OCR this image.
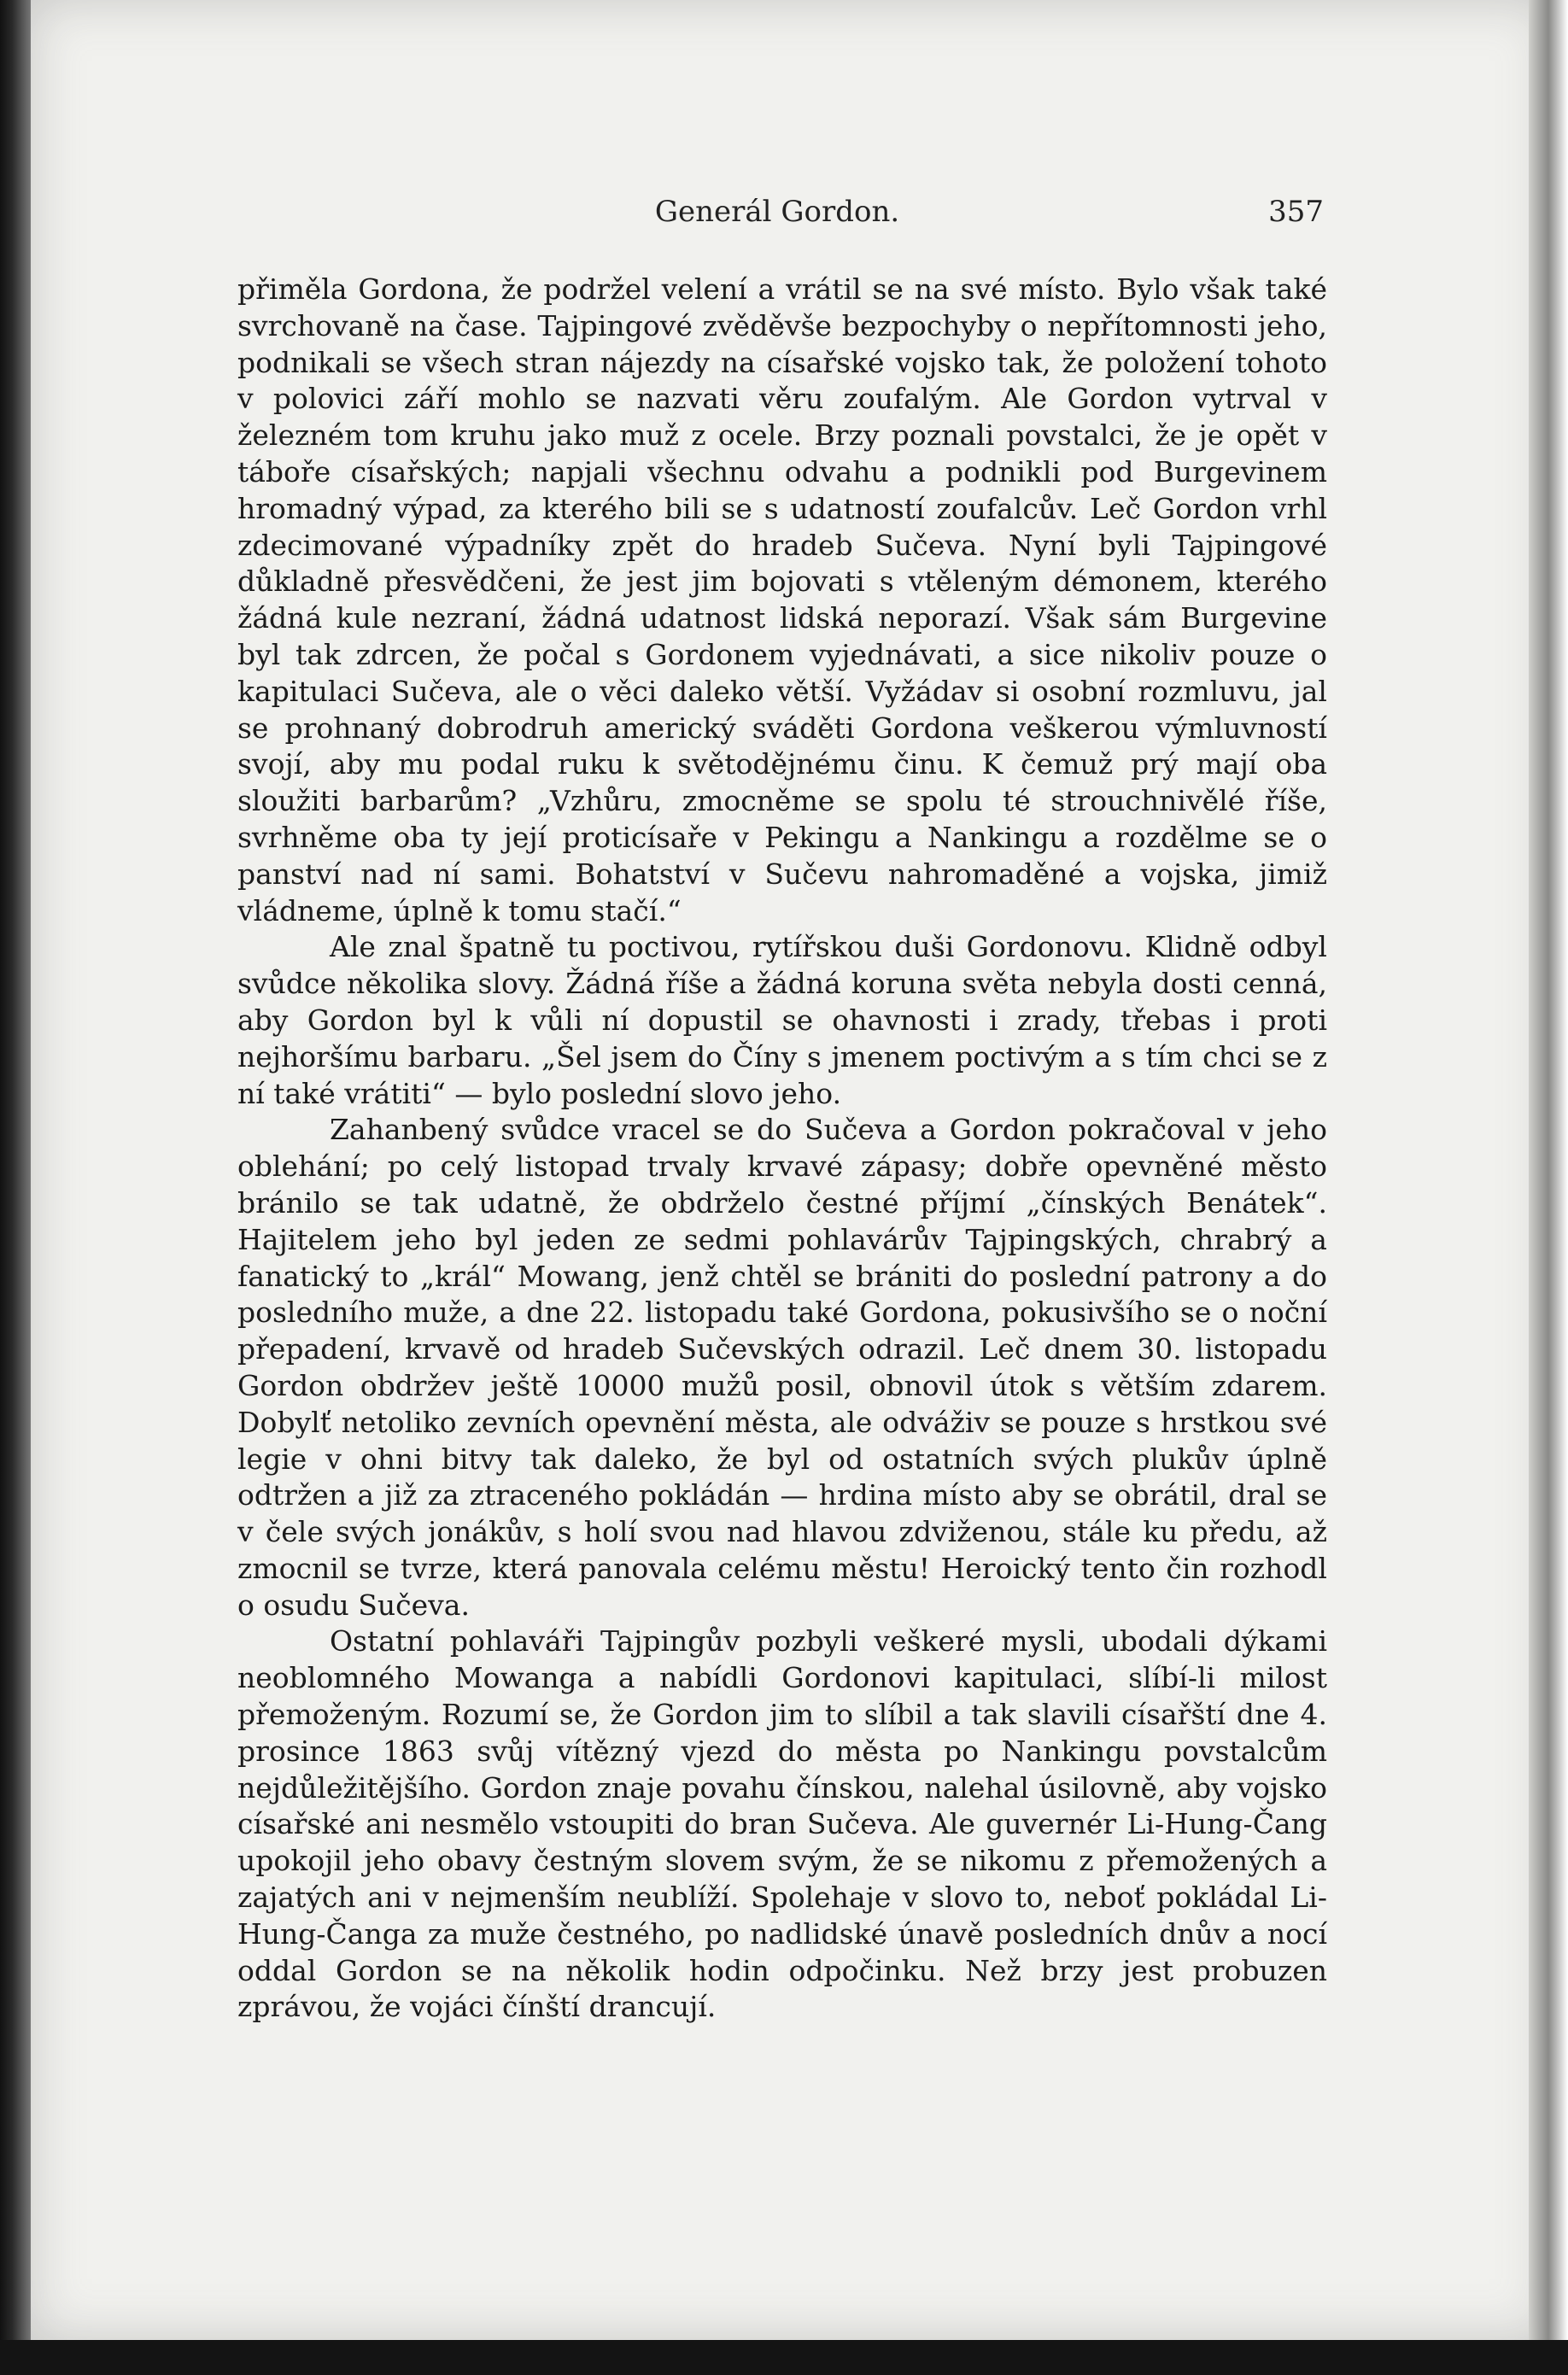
Generál Gordon.	357

přiměla Gordona, že podržel velení a vrátil se na své místo. Bylo však také svrchovaně na čase. Tajpingové zvěděvše bezpochyby o nepřítomnosti jeho, podnikali se všech stran nájezdy na císařské vojsko tak, že položení tohoto v polovici září mohlo se nazvati věru zoufalým. Ale Gordon vytrval v železném tom kruhu jako muž z ocele. Brzy poznali povstalci, že je opět v táboře císařských; napjali všechnu odvahu a podnikli pod Burgevinem hromadný výpad, za kterého bili se s udatností zoufalcův. Leč Gordon vrhl zdecimované výpadníky zpět do hradeb Sučeva. Nyní byli Tajpingové důkladně přesvědčeni, že jest jim bojovati s vtěleným démonem, kterého žádná kule nezraní, žádná udatnost lidská neporazí. Však sám Burgevine byl tak zdrcen, že počal s Gordonem vyjednávati, a sice nikoliv pouze o kapitulaci Sučeva, ale o věci daleko větší. Vyžádav si osobní rozmluvu, jal se prohnaný dobrodruh americký sváděti Gordona veškerou výmluvností svojí, aby mu podal ruku k světodějnému činu. K čemuž prý mají oba sloužiti barbarům? „Vzhůru, zmocněme se spolu té strouchnivělé říše, svrhněme oba ty její proticísaře v Pekingu a Nankingu a rozdělme se o panství nad ní sami. Bohatství v Sučevu nahromaděné a vojska, jimiž vládneme, úplně k tomu stačí.“

Ale znal špatně tu poctivou, rytířskou duši Gordonovu. Klidně odbyl svůdce několika slovy. Žádná říše a žádná koruna světa nebyla dosti cenná, aby Gordon byl k vůli ní dopustil se ohavnosti i zrady, třebas i proti nejhoršímu barbaru. „Šel jsem do Číny s jmenem poctivým a s tím chci se z ní také vrátiti“ — bylo poslední slovo jeho.

Zahanbený svůdce vracel se do Sučeva a Gordon pokračoval v jeho oblehání; po celý listopad trvaly krvavé zápasy; dobře opevněné město bránilo se tak udatně, že obdrželo čestné příjmí „čínských Benátek“. Hajitelem jeho byl jeden ze sedmi pohlavárův Tajpingských, chrabrý a fanatický to „král“ Mowang, jenž chtěl se brániti do poslední patrony a do posledního muže, a dne 22. listopadu také Gordona, pokusivšího se o noční přepadení, krvavě od hradeb Sučevských odrazil. Leč dnem 30. listopadu Gordon obdržev ještě 10000 mužů posil, obnovil útok s větším zdarem. Dobylť netoliko zevních opevnění města, ale odváživ se pouze s hrstkou své legie v ohni bitvy tak daleko, že byl od ostatních svých plukův úplně odtržen a již za ztraceného pokládán — hrdina místo aby se obrátil, dral se v čele svých jonákův, s holí svou nad hlavou zdviženou, stále ku předu, až zmocnil se tvrze, která panovala celému městu! Heroický tento čin rozhodl o osudu Sučeva.

Ostatní pohlaváři Tajpingův pozbyli veškeré mysli, ubodali dýkami neoblomného Mowanga a nabídli Gordonovi kapitulaci, slíbí-li milost přemoženým. Rozumí se, že Gordon jim to slíbil a tak slavili císařští dne 4. prosince 1863 svůj vítězný vjezd do města po Nankingu povstalcům nejdůležitějšího. Gordon znaje povahu čínskou, nalehal úsilovně, aby vojsko císařské ani nesmělo vstoupiti do bran Sučeva. Ale guvernér Li-Hung-Čang upokojil jeho obavy čestným slovem svým, že se nikomu z přemožených a zajatých ani v nejmenším neublíží. Spolehaje v slovo to, neboť pokládal Li-Hung-Čanga za muže čestného, po nadlidské únavě posledních dnův a nocí oddal Gordon se na několik hodin odpočinku. Než brzy jest probuzen zprávou, že vojáci čínští drancují.
